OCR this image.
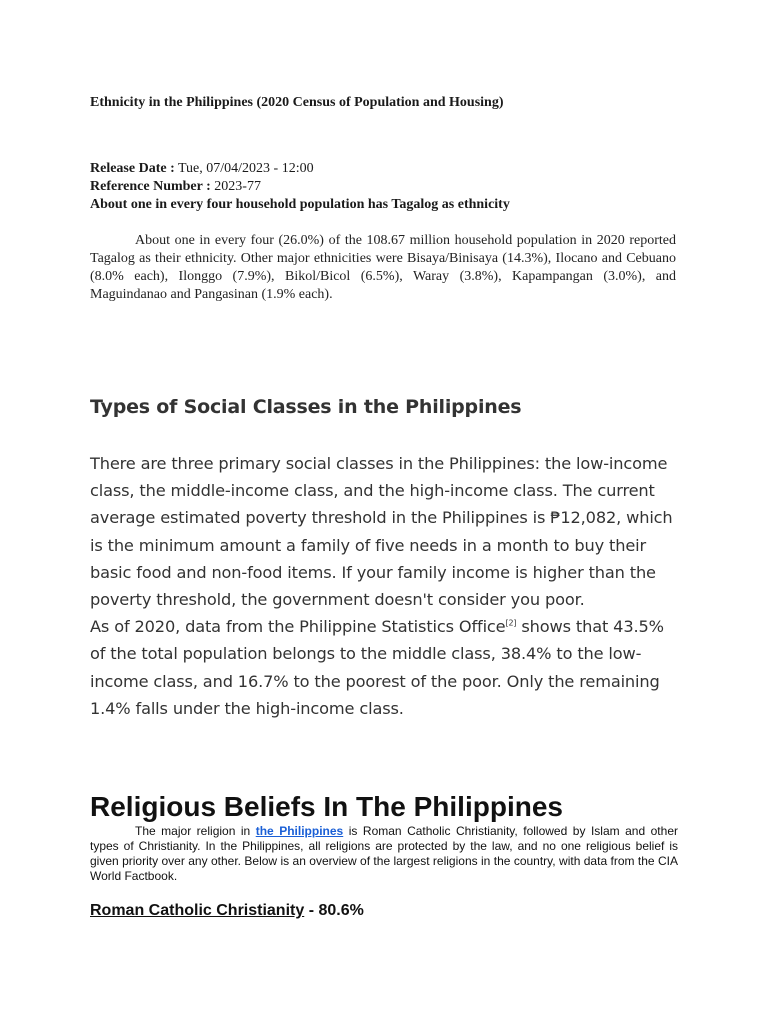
Ethnicity in the Philippines (2020 Census of Population and Housing)
Release Date : Tue, 07/04/2023 - 12:00
Reference Number : 2023-77
About one in every four household population has Tagalog as ethnicity

About one in every four (26.0%) of the 108.67 million household population in 2020 reported Tagalog as their ethnicity. Other major ethnicities were Bisaya/Binisaya (14.3%), Ilocano and Cebuano (8.0% each), Ilonggo (7.9%), Bikol/Bicol (6.5%), Waray (3.8%), Kapampangan (3.0%), and Maguindanao and Pangasinan (1.9% each).

Types of Social Classes in the Philippines
There are three primary social classes in the Philippines: the low-income class, the middle-income class, and the high-income class. The current average estimated poverty threshold in the Philippines is ₱12,082, which is the minimum amount a family of five needs in a month to buy their basic food and non-food items. If your family income is higher than the poverty threshold, the government doesn't consider you poor.
As of 2020, data from the Philippine Statistics Office[2] shows that 43.5% of the total population belongs to the middle class, 38.4% to the low-income class, and 16.7% to the poorest of the poor. Only the remaining 1.4% falls under the high-income class.
Religious Beliefs In The Philippines

The major religion in the Philippines is Roman Catholic Christianity, followed by Islam and other types of Christianity. In the Philippines, all religions are protected by the law, and no one religious belief is given priority over any other. Below is an overview of the largest religions in the country, with data from the CIA World Factbook.

Roman Catholic Christianity - 80.6%
